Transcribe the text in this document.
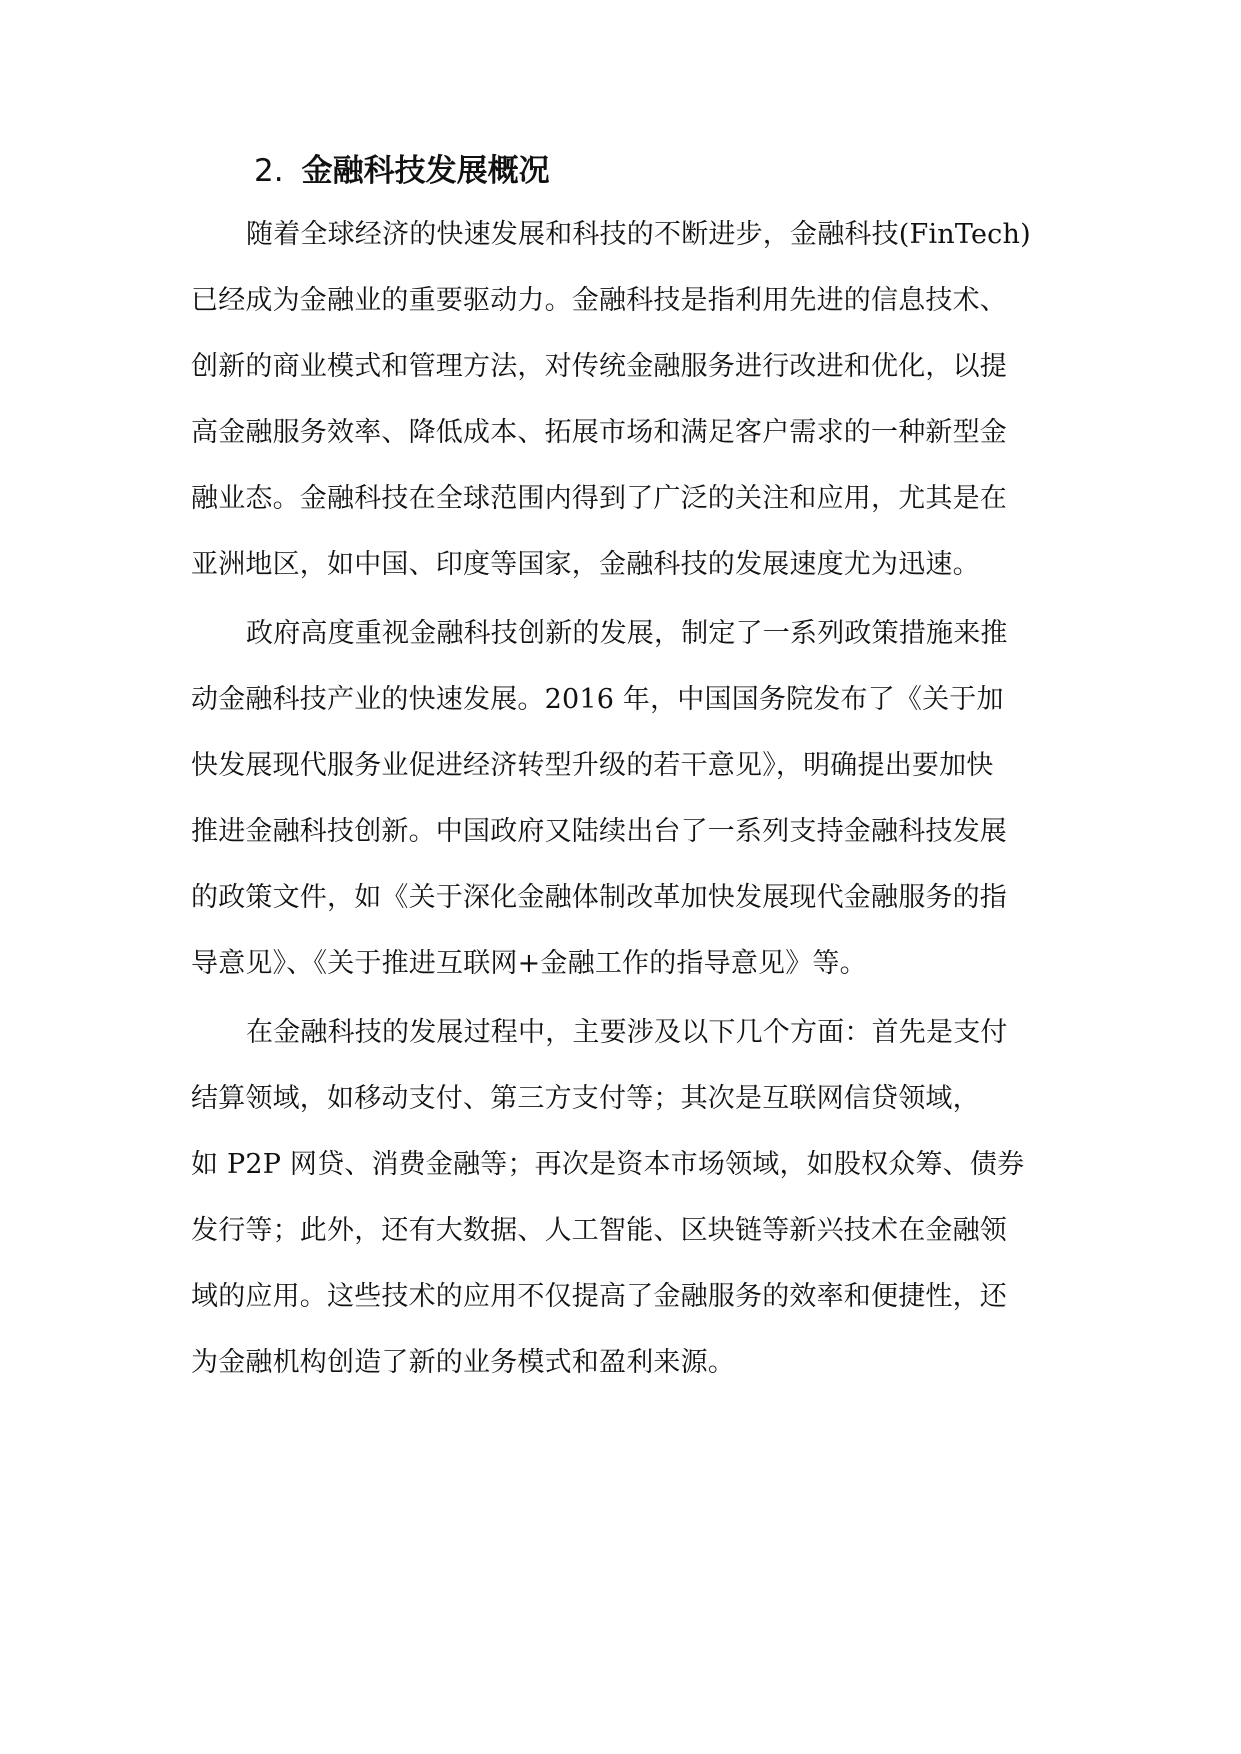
2. 金融科技发展概况
随着全球经济的快速发展和科技的不断进步，金融科技(FinTech)
已经成为金融业的重要驱动力。金融科技是指利用先进的信息技术、
创新的商业模式和管理方法，对传统金融服务进行改进和优化，以提
高金融服务效率、降低成本、拓展市场和满足客户需求的一种新型金
融业态。金融科技在全球范围内得到了广泛的关注和应用，尤其是在
亚洲地区，如中国、印度等国家，金融科技的发展速度尤为迅速。
政府高度重视金融科技创新的发展，制定了一系列政策措施来推
动金融科技产业的快速发展。2016 年，中国国务院发布了《关于加
快发展现代服务业促进经济转型升级的若干意见》，明确提出要加快
推进金融科技创新。中国政府又陆续出台了一系列支持金融科技发展
的政策文件，如《关于深化金融体制改革加快发展现代金融服务的指
导意见》、《关于推进互联网+金融工作的指导意见》等。
在金融科技的发展过程中，主要涉及以下几个方面：首先是支付
结算领域，如移动支付、第三方支付等；其次是互联网信贷领域，
如 P2P 网贷、消费金融等；再次是资本市场领域，如股权众筹、债券
发行等；此外，还有大数据、人工智能、区块链等新兴技术在金融领
域的应用。这些技术的应用不仅提高了金融服务的效率和便捷性，还
为金融机构创造了新的业务模式和盈利来源。
